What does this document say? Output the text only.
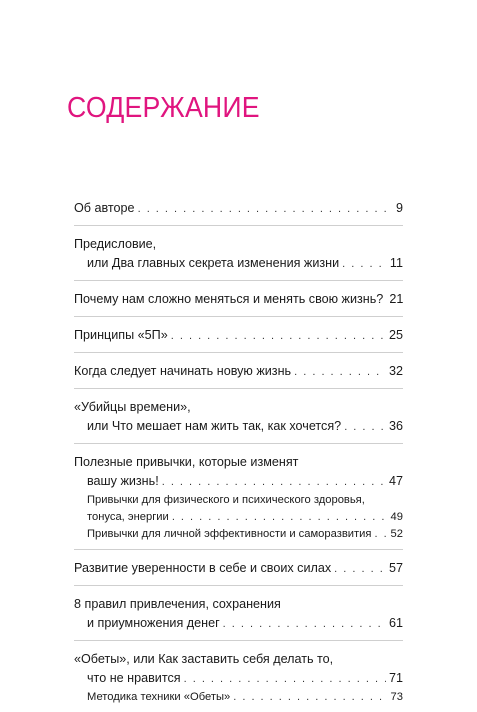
СОДЕРЖАНИЕ
Об авторе . . .	9
Предисловие,
или Два главных секрета изменения жизни . . .	11
Почему нам сложно меняться и менять свою жизнь? 21
Принципы «5П» . . .	25
Когда следует начинать новую жизнь . . .	32
«Убийцы времени»,
или Что мешает нам жить так, как хочется? . . .	36
Полезные привычки, которые изменят
вашу жизнь! . . .	47
Привычки для физического и психического здоровья,
тонуса, энергии . . .	49
Привычки для личной эффективности и саморазвития . . . 52
Развитие уверенности в себе и своих силах . . .	57
8 правил привлечения, сохранения
и приумножения денег . . .	61
«Обеты», или Как заставить себя делать то,
что не нравится . . .	71
Методика техники «Обеты» . . .	73
